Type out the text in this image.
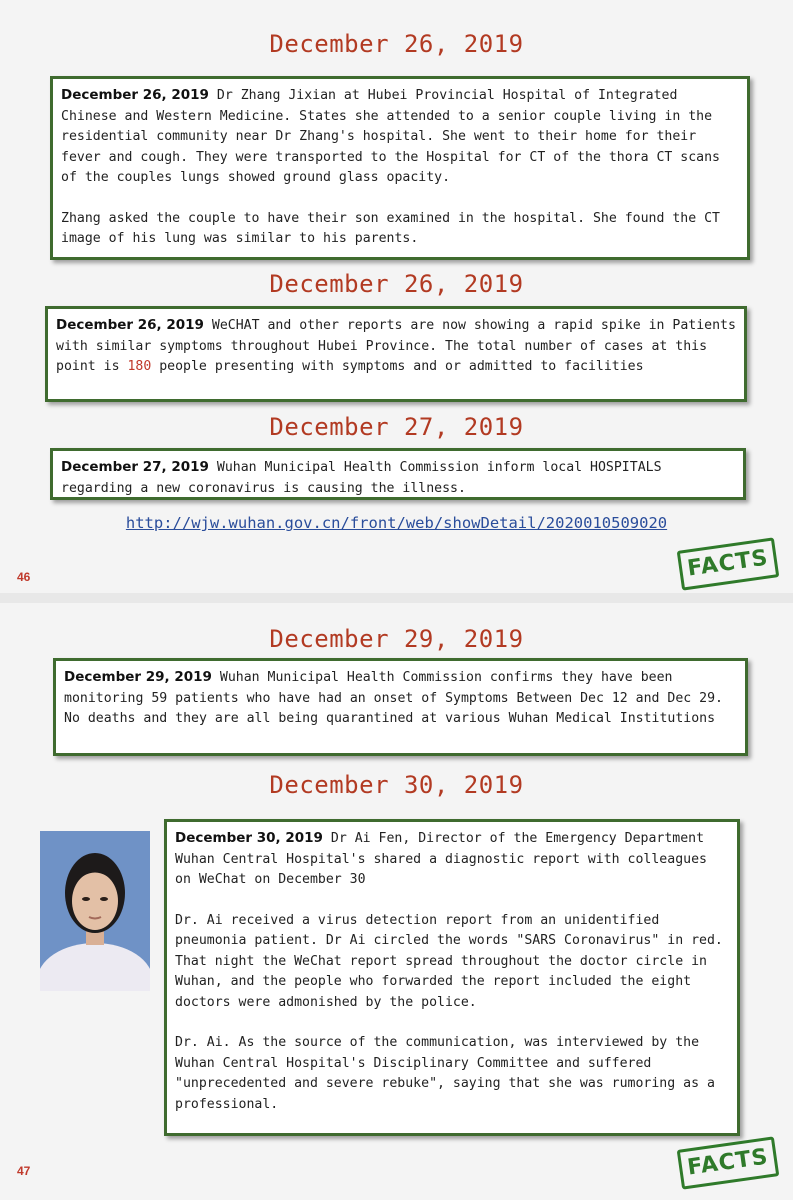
December 26, 2019

December 26, 2019 Dr Zhang Jixian at Hubei Provincial Hospital of Integrated Chinese and Western Medicine. States she attended to a senior couple living in the residential community near Dr Zhang's hospital. She went to their home for their fever and cough. They were transported to the Hospital for CT of the thora CT scans of the couples lungs showed ground glass opacity.

Zhang asked the couple to have their son examined in the hospital. She found the CT image of his lung was similar to his parents.

December 26, 2019

December 26, 2019 WeCHAT and other reports are now showing a rapid spike in Patients with similar symptoms throughout Hubei Province. The total number of cases at this point is 180 people presenting with symptoms and or admitted to facilities

December 27, 2019

December 27, 2019 Wuhan Municipal Health Commission inform local HOSPITALS regarding a new coronavirus is causing the illness.

http://wjw.wuhan.gov.cn/front/web/showDetail/2020010509020
46	FACTS
December 29, 2019

December 29, 2019 Wuhan Municipal Health Commission confirms they have been monitoring 59 patients who have had an onset of Symptoms Between Dec 12 and Dec 29. No deaths and they are all being quarantined at various Wuhan Medical Institutions

December 30, 2019

December 30, 2019 Dr Ai Fen, Director of the Emergency Department Wuhan Central Hospital's shared a diagnostic report with colleagues on WeChat on December 30

Dr. Ai received a virus detection report from an unidentified pneumonia patient. Dr Ai circled the words "SARS Coronavirus" in red. That night the WeChat report spread throughout the doctor circle in Wuhan, and the people who forwarded the report included the eight doctors were admonished by the police.

Dr. Ai. As the source of the communication, was interviewed by the Wuhan Central Hospital's Disciplinary Committee and suffered "unprecedented and severe rebuke", saying that she was rumoring as a professional.

47	FACTS
